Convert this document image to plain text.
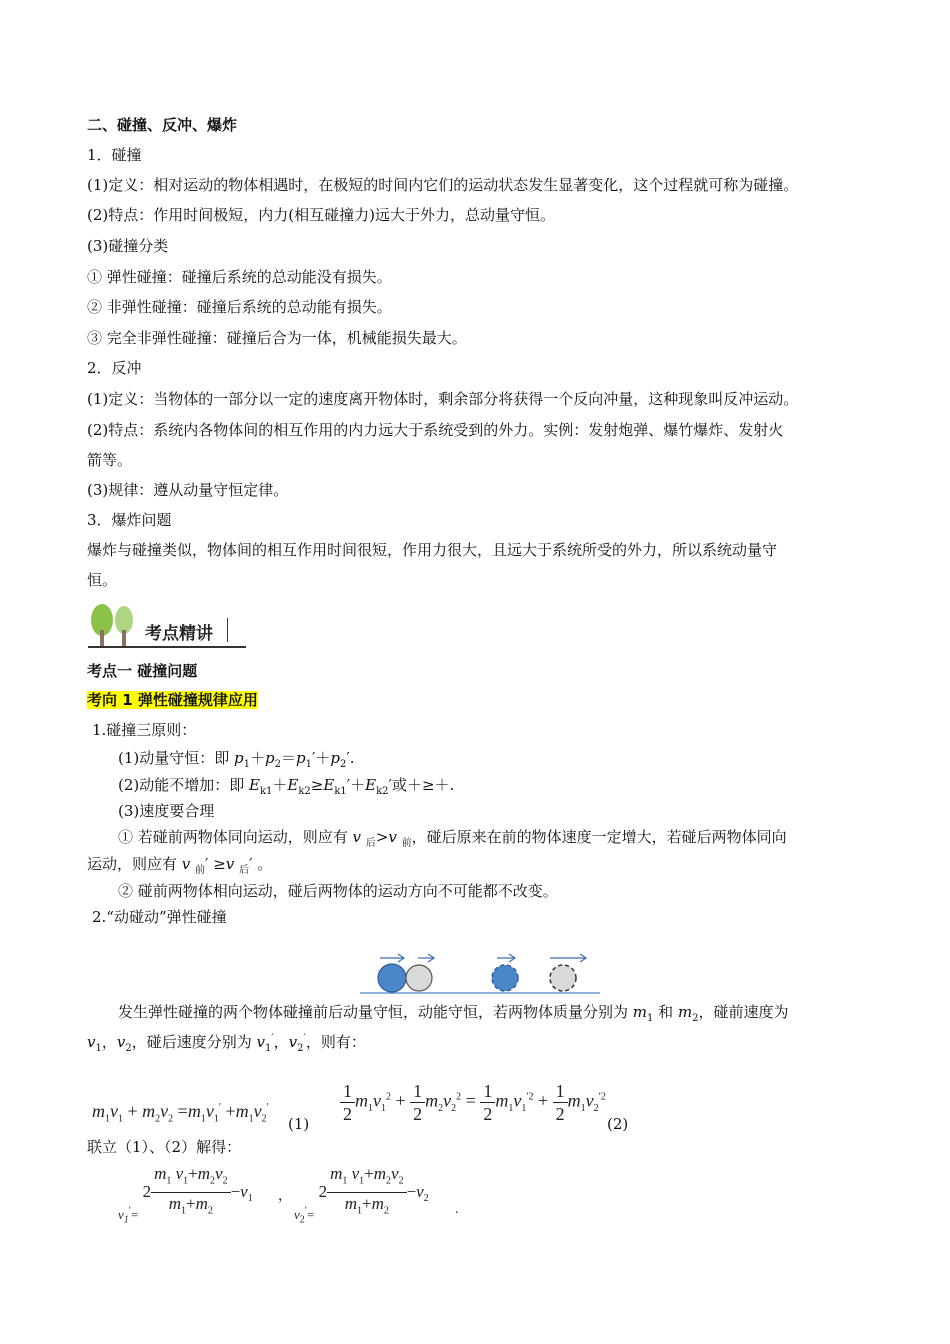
二、碰撞、反冲、爆炸
1．碰撞
(1)定义：相对运动的物体相遇时，在极短的时间内它们的运动状态发生显著变化，这个过程就可称为碰撞。
(2)特点：作用时间极短，内力(相互碰撞力)远大于外力，总动量守恒。
(3)碰撞分类
① 弹性碰撞：碰撞后系统的总动能没有损失。
② 非弹性碰撞：碰撞后系统的总动能有损失。
③ 完全非弹性碰撞：碰撞后合为一体，机械能损失最大。
2．反冲
(1)定义：当物体的一部分以一定的速度离开物体时，剩余部分将获得一个反向冲量，这种现象叫反冲运动。
(2)特点：系统内各物体间的相互作用的内力远大于系统受到的外力。实例：发射炮弹、爆竹爆炸、发射火
箭等。
(3)规律：遵从动量守恒定律。
3．爆炸问题
爆炸与碰撞类似，物体间的相互作用时间很短，作用力很大，且远大于系统所受的外力，所以系统动量守
恒。
考点精讲
考点一 碰撞问题
考向 1 弹性碰撞规律应用
1.碰撞三原则：
(1)动量守恒：即 $p_1+p_2=p_1'+p_2'$.
(2)动能不增加：即 $E_{k1}+E_{k2}\ge E_{k1}'+E_{k2}'$或＋≥＋.
(3)速度要合理
① 若碰前两物体同向运动，则应有 v $_后$>v $_前$，碰后原来在前的物体速度一定增大，若碰后两物体同向
运动，则应有 v $_前$′ ≥v $_后$′ 。
② 碰前两物体相向运动，碰后两物体的运动方向不可能都不改变。
2.“动碰动”弹性碰撞
发生弹性碰撞的两个物体碰撞前后动量守恒，动能守恒，若两物体质量分别为 $m_1$ 和 $m_2$，碰前速度为
$v_1$，$v_2$，碰后速度分别为 $v_1'$，$v_2'$，则有：
$m_1v_1 + m_2v_2 =m_1v_1' +m_1v_2'$
$(1) \frac{1}{2} m_1v_1^2 + \frac{1}{2} m_2v_2^2 = \frac{1}{2} m_1v_1^{'2} + \frac{1}{2} m_1v_2^{'2}$
(2)
联立（1）、（2）解得：
$_{v_1'=}$ $2 \frac{m_1 v_1+m_2v_2}{m_1+m_2} -v_1$ ，
$_{v_2'=}$ $2 \frac{m_1 v_1+m_2v_2}{m_1+m_2} -v_2$
.
